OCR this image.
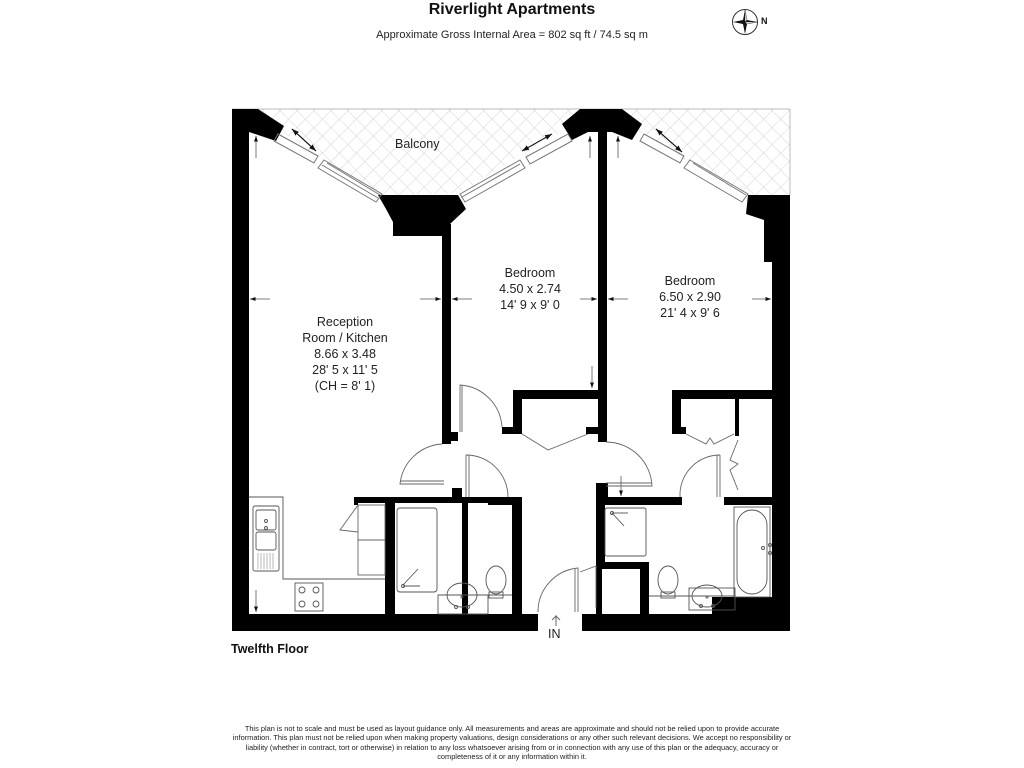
Riverlight Apartments
Approximate Gross Internal Area = 802 sq ft / 74.5 sq m
N
Balcony
Reception
Room / Kitchen
8.66 x 3.48
28' 5 x 11' 5
(CH = 8' 1)
Bedroom
4.50 x 2.74
14' 9 x 9' 0
Bedroom
6.50 x 2.90
21' 4 x 9' 6
IN
Twelfth Floor
This plan is not to scale and must be used as layout guidance only. All measurements and areas are approximate and should not be relied upon to provide accurate information. This plan must not be relied upon when making property valuations, design considerations or any other such relevant decisions. We accept no responsibility or liability (whether in contract, tort or otherwise) in relation to any loss whatsoever arising from or in connection with any use of this plan or the adequacy, accuracy or completeness of it or any information within it.
